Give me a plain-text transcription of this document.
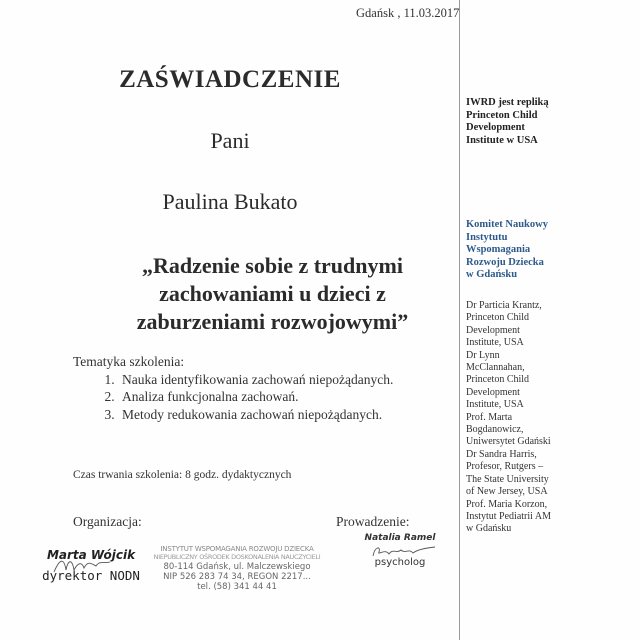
Gdańsk , 11.03.2017
ZAŚWIADCZENIE
Pani
Paulina Bukato
„Radzenie sobie z trudnymi
zachowaniami u dzieci z
zaburzeniami rozwojowymi”
Tematyka szkolenia:
1. Nauka identyfikowania zachowań niepożądanych.
2. Analiza funkcjonalna zachowań.
3. Metody redukowania zachowań niepożądanych.
Czas trwania szkolenia: 8 godz. dydaktycznych
Organizacja:	Prowadzenie:
Marta Wójcik
dyrektor NODN
INSTYTUT WSPOMAGANIA ROZWOJU DZIECKA
NIEPUBLICZNY OŚRODEK DOSKONALENIA NAUCZYCIELI
80-114 Gdańsk, ul. Malczewskiego
NIP 526 283 74 34, REGON 2217...
tel. (58) 341 44 41
Natalia Ramel
psycholog
IWRD jest repliką
Princeton Child
Development
Institute w USA
Komitet Naukowy
Instytutu
Wspomagania
Rozwoju Dziecka
w Gdańsku
Dr Particia Krantz,
Princeton Child
Development
Institute, USA
Dr Lynn
McClannahan,
Princeton Child
Development
Institute, USA
Prof. Marta
Bogdanowicz,
Uniwersytet Gdański
Dr Sandra Harris,
Profesor, Rutgers –
The State University
of New Jersey, USA
Prof. Maria Korzon,
Instytut Pediatrii AM
w Gdańsku
